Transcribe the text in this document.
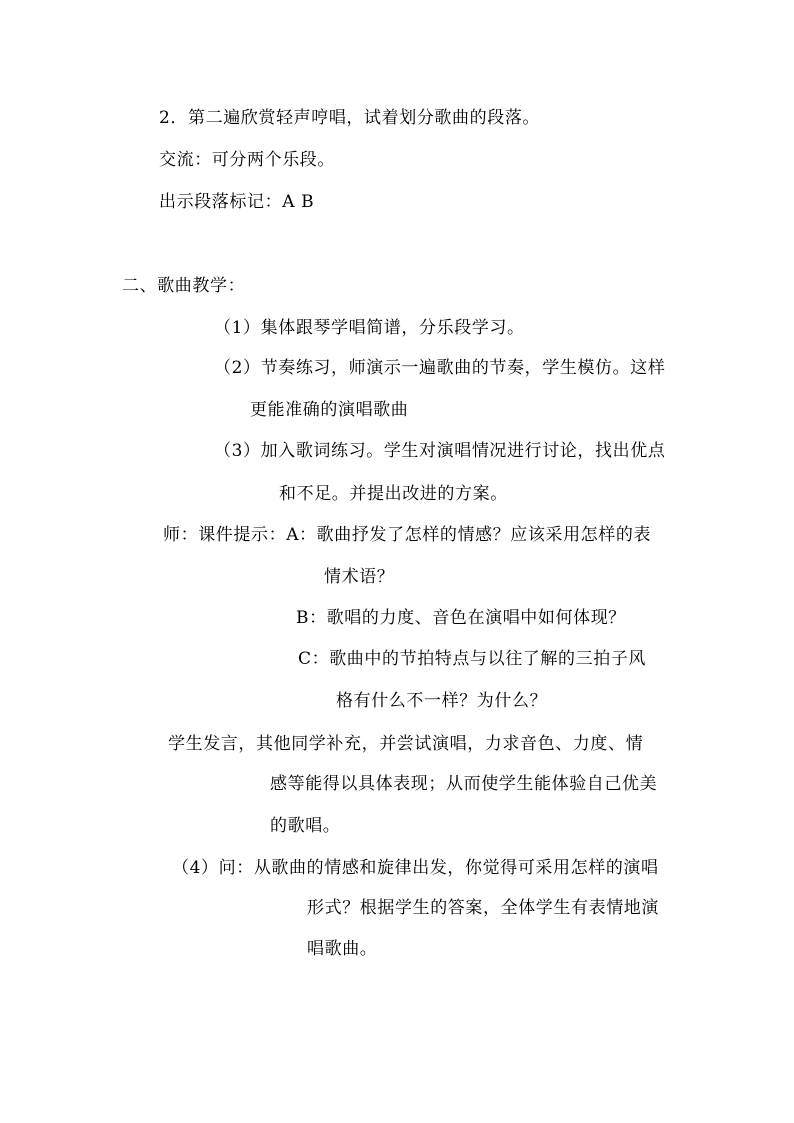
2．第二遍欣赏轻声哼唱，试着划分歌曲的段落。
交流：可分两个乐段。
出示段落标记：A B
二、歌曲教学：
（1）集体跟琴学唱简谱，分乐段学习。
（2）节奏练习，师演示一遍歌曲的节奏，学生模仿。这样
更能准确的演唱歌曲
（3）加入歌词练习。学生对演唱情况进行讨论，找出优点
和不足。并提出改进的方案。
师：课件提示：A：歌曲抒发了怎样的情感？应该采用怎样的表
情术语？
B：歌唱的力度、音色在演唱中如何体现？
C：歌曲中的节拍特点与以往了解的三拍子风
格有什么不一样？为什么？
学生发言，其他同学补充，并尝试演唱，力求音色、力度、情
感等能得以具体表现；从而使学生能体验自己优美
的歌唱。
（4）问：从歌曲的情感和旋律出发，你觉得可采用怎样的演唱
形式？根据学生的答案，全体学生有表情地演
唱歌曲。
